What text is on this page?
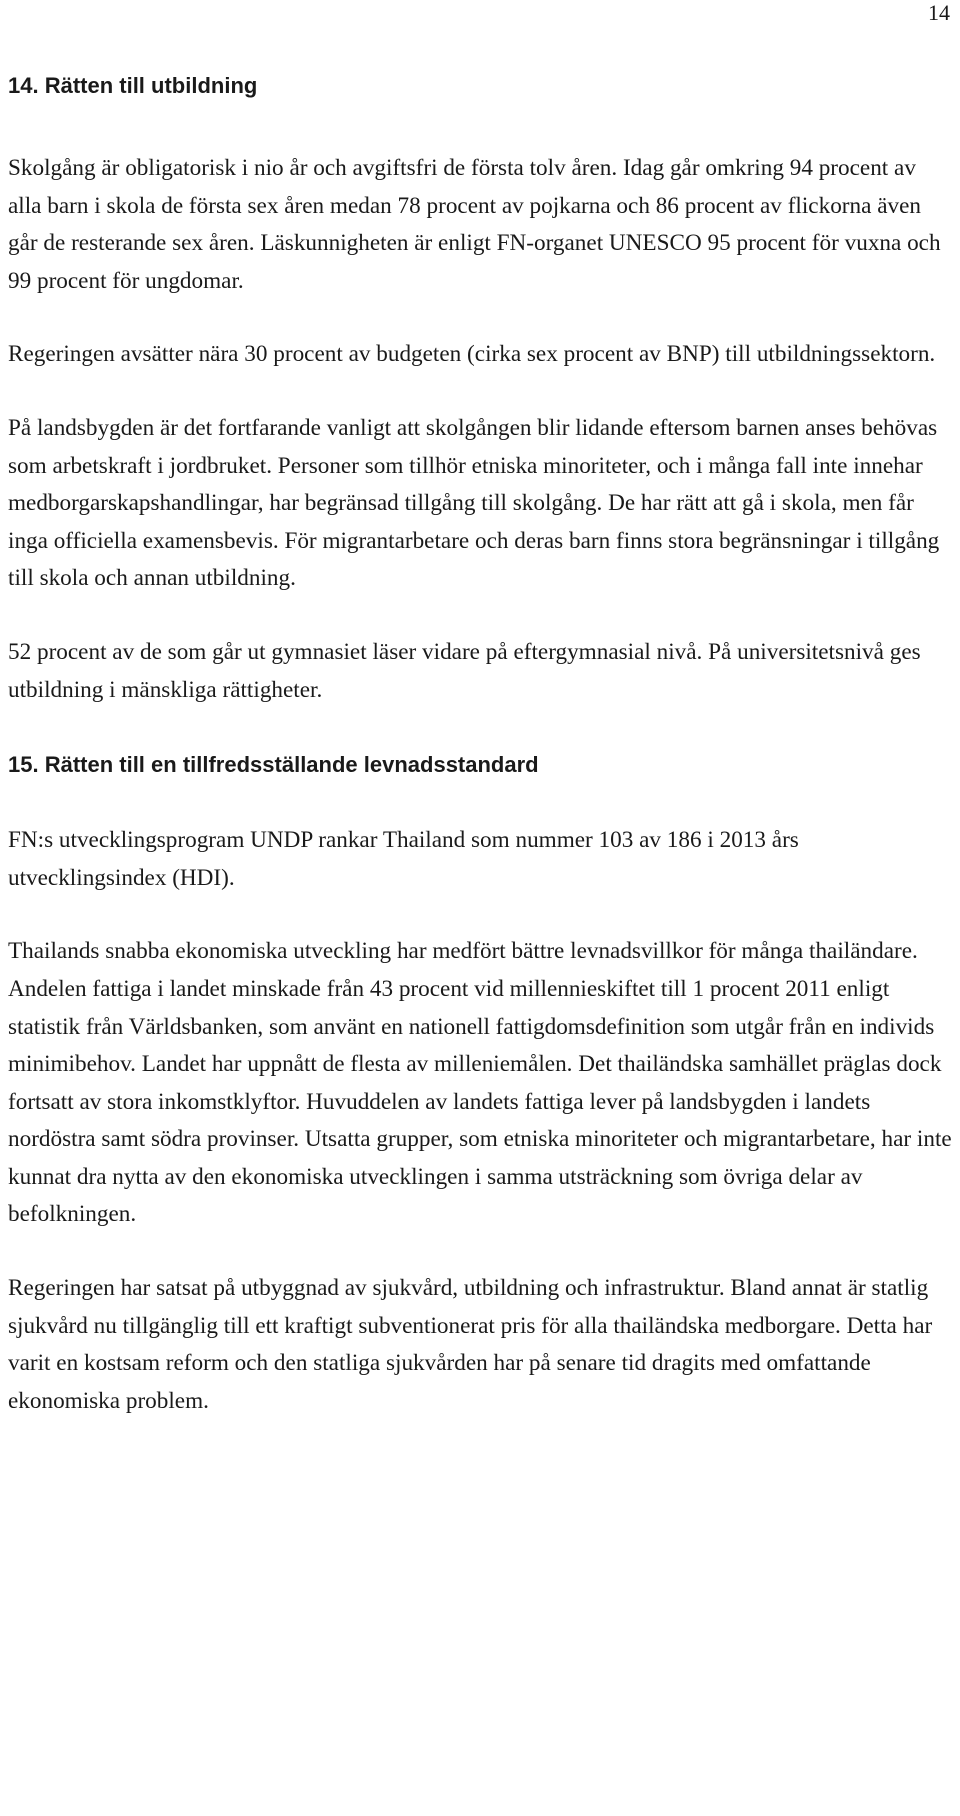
14
14. Rätten till utbildning

Skolgång är obligatorisk i nio år och avgiftsfri de första tolv åren. Idag går omkring 94 procent av alla barn i skola de första sex åren medan 78 procent av pojkarna och 86 procent av flickorna även går de resterande sex åren. Läskunnigheten är enligt FN-organet UNESCO 95 procent för vuxna och 99 procent för ungdomar.

Regeringen avsätter nära 30 procent av budgeten (cirka sex procent av BNP) till utbildningssektorn.

På landsbygden är det fortfarande vanligt att skolgången blir lidande eftersom barnen anses behövas som arbetskraft i jordbruket. Personer som tillhör etniska minoriteter, och i många fall inte innehar medborgarskapshandlingar, har begränsad tillgång till skolgång. De har rätt att gå i skola, men får inga officiella examensbevis. För migrantarbetare och deras barn finns stora begränsningar i tillgång till skola och annan utbildning.

52 procent av de som går ut gymnasiet läser vidare på eftergymnasial nivå. På universitetsnivå ges utbildning i mänskliga rättigheter.

15. Rätten till en tillfredsställande levnadsstandard

FN:s utvecklingsprogram UNDP rankar Thailand som nummer 103 av 186 i 2013 års utvecklingsindex (HDI).

Thailands snabba ekonomiska utveckling har medfört bättre levnadsvillkor för många thailändare. Andelen fattiga i landet minskade från 43 procent vid millennieskiftet till 1 procent 2011 enligt statistik från Världsbanken, som använt en nationell fattigdomsdefinition som utgår från en individs minimibehov. Landet har uppnått de flesta av milleniemålen. Det thailändska samhället präglas dock fortsatt av stora inkomstklyftor. Huvuddelen av landets fattiga lever på landsbygden i landets nordöstra samt södra provinser. Utsatta grupper, som etniska minoriteter och migrantarbetare, har inte kunnat dra nytta av den ekonomiska utvecklingen i samma utsträckning som övriga delar av befolkningen.

Regeringen har satsat på utbyggnad av sjukvård, utbildning och infrastruktur. Bland annat är statlig sjukvård nu tillgänglig till ett kraftigt subventionerat pris för alla thailändska medborgare. Detta har varit en kostsam reform och den statliga sjukvården har på senare tid dragits med omfattande ekonomiska problem.
